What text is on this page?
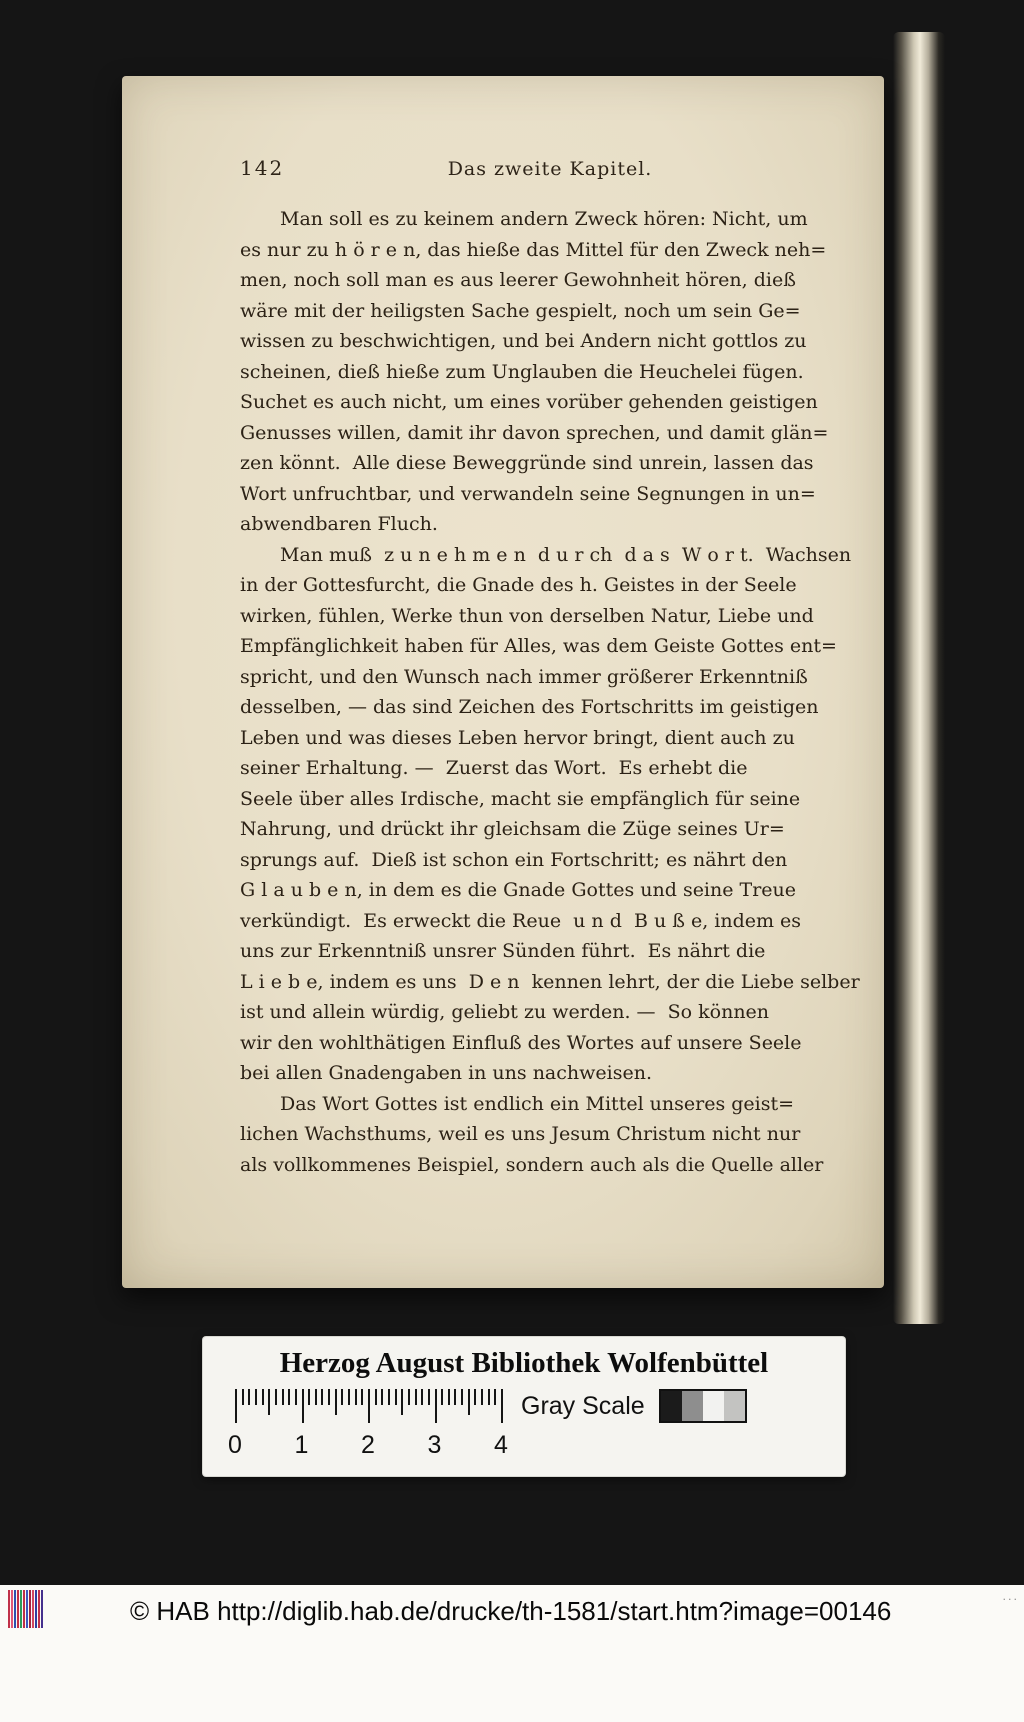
142	Das zweite Kapitel.
Man soll es zu keinem andern Zweck hören: Nicht, um
es nur zu h ö r e n, das hieße das Mittel für den Zweck neh=
men, noch soll man es aus leerer Gewohnheit hören, dieß
wäre mit der heiligsten Sache gespielt, noch um sein Ge=
wissen zu beschwichtigen, und bei Andern nicht gottlos zu
scheinen, dieß hieße zum Unglauben die Heuchelei fügen.
Suchet es auch nicht, um eines vorüber gehenden geistigen
Genusses willen, damit ihr davon sprechen, und damit glän=
zen könnt.  Alle diese Beweggründe sind unrein, lassen das
Wort unfruchtbar, und verwandeln seine Segnungen in un=
abwendbaren Fluch.
Man muß  z u n e h m e n  d u r ch  d a s  W o r t.  Wachsen
in der Gottesfurcht, die Gnade des h. Geistes in der Seele
wirken, fühlen, Werke thun von derselben Natur, Liebe und
Empfänglichkeit haben für Alles, was dem Geiste Gottes ent=
spricht, und den Wunsch nach immer größerer Erkenntniß
desselben, — das sind Zeichen des Fortschritts im geistigen
Leben und was dieses Leben hervor bringt, dient auch zu
seiner Erhaltung. —  Zuerst das Wort.  Es erhebt die
Seele über alles Irdische, macht sie empfänglich für seine
Nahrung, und drückt ihr gleichsam die Züge seines Ur=
sprungs auf.  Dieß ist schon ein Fortschritt; es nährt den
G l a u b e n, in dem es die Gnade Gottes und seine Treue
verkündigt.  Es erweckt die Reue  u n d  B u ß e, indem es
uns zur Erkenntniß unsrer Sünden führt.  Es nährt die
L i e b e, indem es uns  D e n  kennen lehrt, der die Liebe selber
ist und allein würdig, geliebt zu werden. —  So können
wir den wohlthätigen Einfluß des Wortes auf unsere Seele
bei allen Gnadengaben in uns nachweisen.
Das Wort Gottes ist endlich ein Mittel unseres geist=
lichen Wachsthums, weil es uns Jesum Christum nicht nur
als vollkommenes Beispiel, sondern auch als die Quelle aller
Herzog August Bibliothek Wolfenbüttel
0 1 2 3 4
Gray Scale
© HAB http://diglib.hab.de/drucke/th-1581/start.htm?image=00146	···
